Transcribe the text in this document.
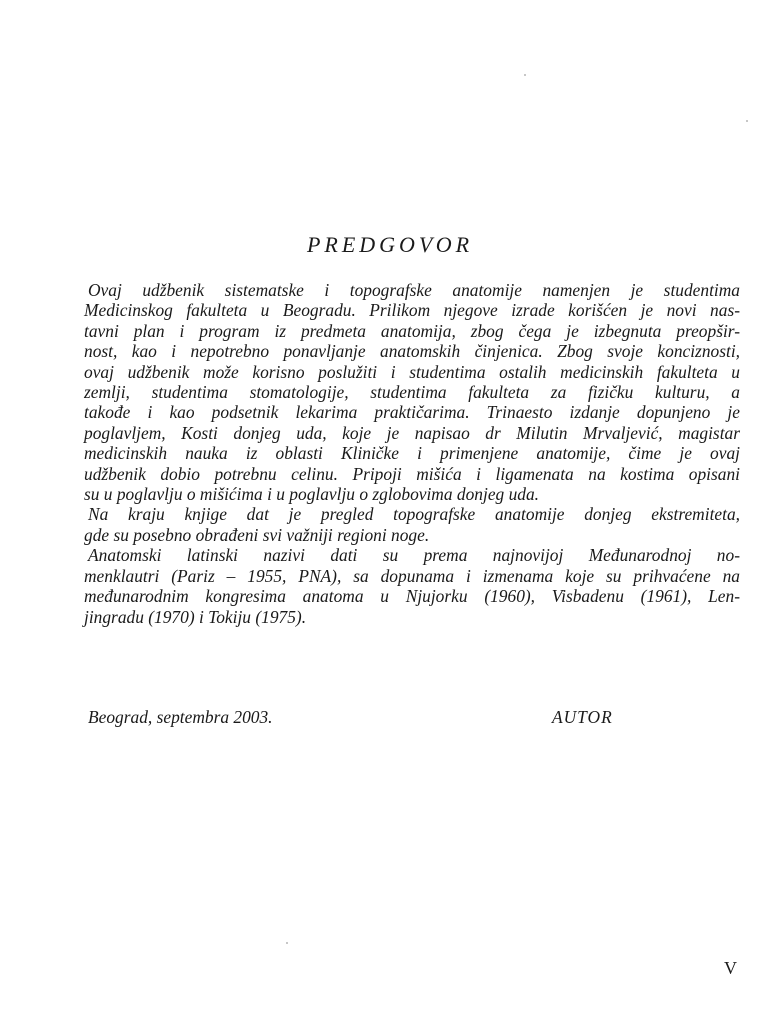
PREDGOVOR
Ovaj udžbenik sistematske i topografske anatomije namenjen je studentima
Medicinskog fakulteta u Beogradu. Prilikom njegove izrade korišćen je novi nas-
tavni plan i program iz predmeta anatomija, zbog čega je izbegnuta preopšir-
nost, kao i nepotrebno ponavljanje anatomskih činjenica. Zbog svoje konciznosti,
ovaj udžbenik može korisno poslužiti i studentima ostalih medicinskih fakulteta u
zemlji, studentima stomatologije, studentima fakulteta za fizičku kulturu, a
takođe i kao podsetnik lekarima praktičarima. Trinaesto izdanje dopunjeno je
poglavljem, Kosti donjeg uda, koje je napisao dr Milutin Mrvaljević, magistar
medicinskih nauka iz oblasti Kliničke i primenjene anatomije, čime je ovaj
udžbenik dobio potrebnu celinu. Pripoji mišića i ligamenata na kostima opisani
su u poglavlju o mišićima i u poglavlju o zglobovima donjeg uda.
Na kraju knjige dat je pregled topografske anatomije donjeg ekstremiteta,
gde su posebno obrađeni svi važniji regioni noge.
Anatomski latinski nazivi dati su prema najnovijoj Međunarodnoj no-
menklautri (Pariz – 1955, PNA), sa dopunama i izmenama koje su prihvaćene na
međunarodnim kongresima anatoma u Njujorku (1960), Visbadenu (1961), Len-
jingradu (1970) i Tokiju (1975).
Beograd, septembra 2003.	AUTOR
V
